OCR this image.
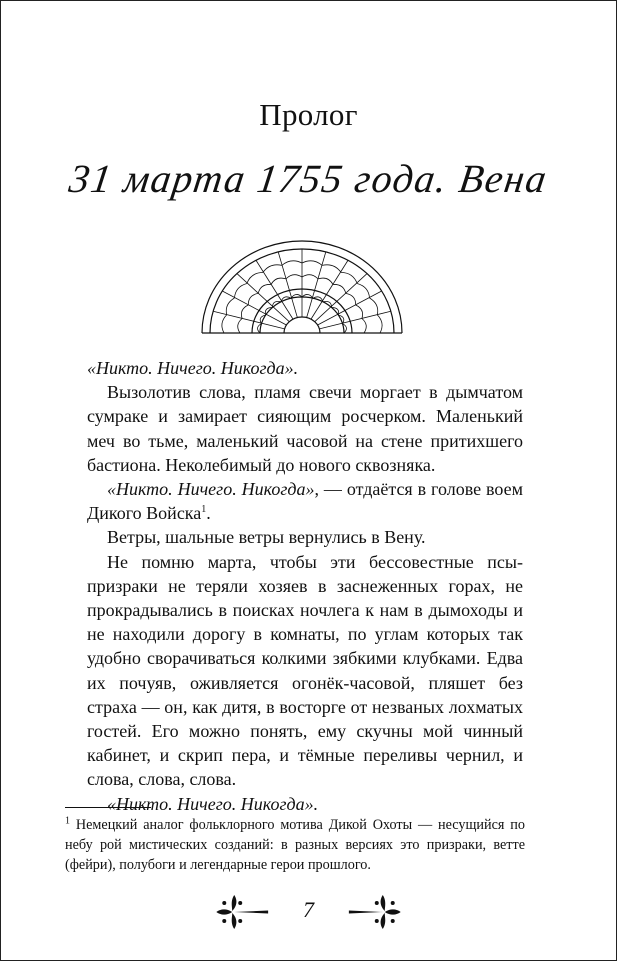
Пролог
31 марта 1755 года. Вена

«Никто. Ничего. Никогда».

Вызолотив слова, пламя свечи моргает в дымчатом сумраке и замирает сияющим росчерком. Маленький меч во тьме, маленький часовой на стене притихшего бастиона. Неколебимый до нового сквозняка.

«Никто. Ничего. Никогда», — отдаётся в голове воем Дикого Войска$^1$.

Ветры, шальные ветры вернулись в Вену.

Не помню марта, чтобы эти бессовестные псы-призраки не теряли хозяев в заснеженных горах, не прокрадывались в поисках ночлега к нам в дымоходы и не находили дорогу в комнаты, по углам которых так удобно сворачиваться колкими зябкими клубками. Едва их почуяв, оживляется огонёк-часовой, пляшет без страха — он, как дитя, в восторге от незваных лохматых гостей. Его можно понять, ему скучны мой чинный кабинет, и скрип пера, и тёмные переливы чернил, и слова, слова, слова.

«Никто. Ничего. Никогда».

$^1$ Немецкий аналог фольклорного мотива Дикой Охоты — несущийся по небу рой мистических созданий: в разных версиях это призраки, ветте (фейри), полубоги и легендарные герои прошлого.
7
